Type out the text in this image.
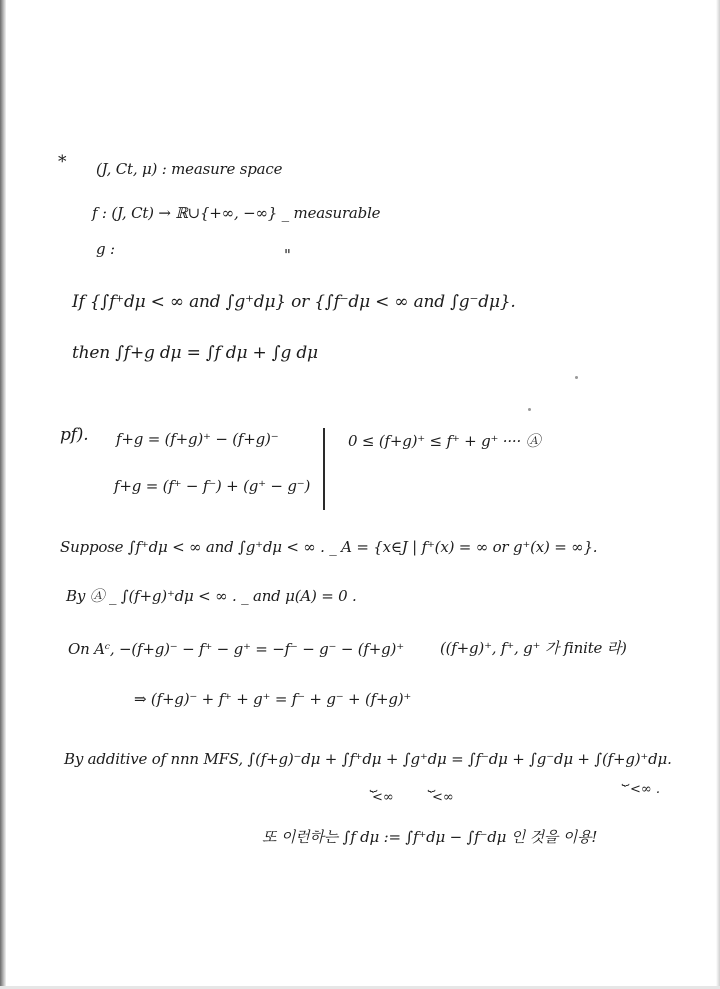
* (J, Ct, μ) : measure space
f : (J, Ct) → ℝ∪{+∞, −∞} _ measurable
g :	"
If {∫f⁺dμ < ∞ and ∫g⁺dμ} or {∫f⁻dμ < ∞ and ∫g⁻dμ}.
then ∫f+g dμ = ∫f dμ + ∫g dμ
pf). f+g = (f+g)⁺ − (f+g)⁻
f+g = (f⁺ − f⁻) + (g⁺ − g⁻)
0 ≤ (f+g)⁺ ≤ f⁺ + g⁺ ···· Ⓐ
Suppose ∫f⁺dμ < ∞ and ∫g⁺dμ < ∞ . _ A = {x∈J | f⁺(x) = ∞ or g⁺(x) = ∞}.
By Ⓐ _ ∫(f+g)⁺dμ < ∞ . _ and μ(A) = 0 .
On Aᶜ, −(f+g)⁻ − f⁺ − g⁺ = −f⁻ − g⁻ − (f+g)⁺ ((f+g)⁺, f⁺, g⁺ 가 finite 라)
⇒ (f+g)⁻ + f⁺ + g⁺ = f⁻ + g⁻ + (f+g)⁺
By additive of nnn MFS, ∫(f+g)⁻dμ + ∫f⁺dμ + ∫g⁺dμ = ∫f⁻dμ + ∫g⁻dμ + ∫(f+g)⁺dμ.
⏟
<∞
⏟
<∞
⏟
<∞ .
또 이런하는 ∫f dμ := ∫f⁺dμ − ∫f⁻dμ 인 것을 이용!
